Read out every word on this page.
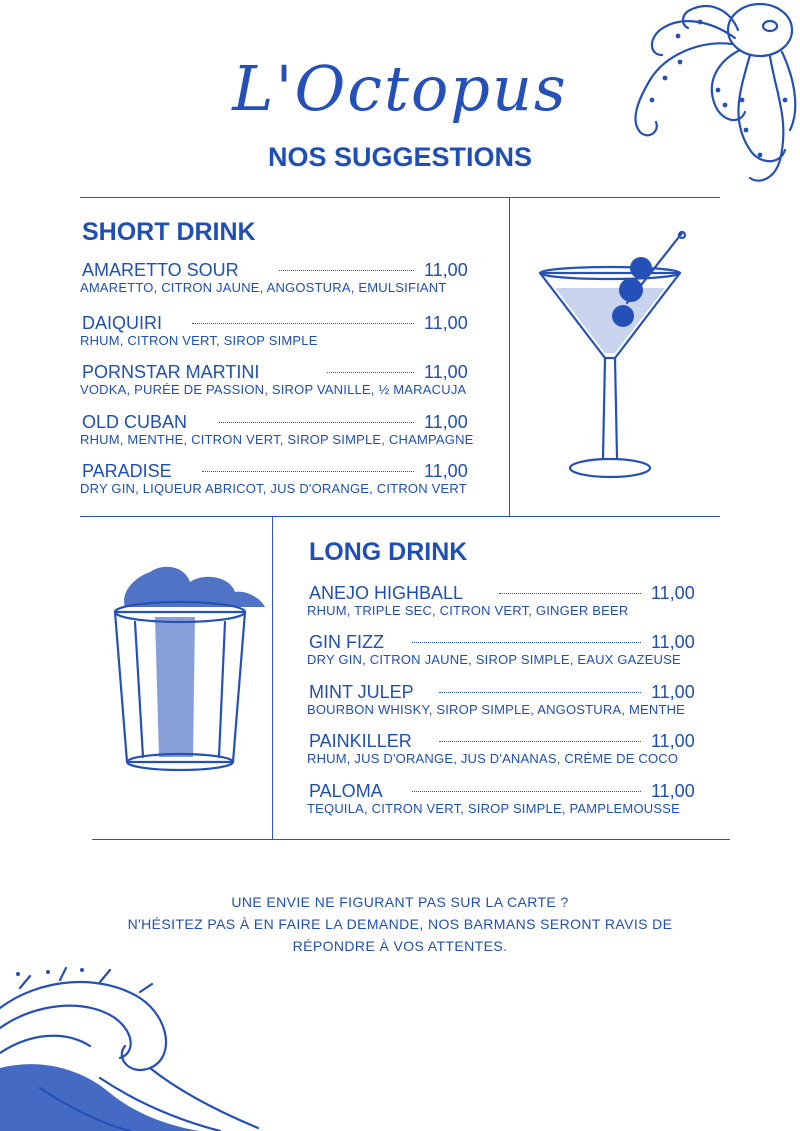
L'Octopus
NOS SUGGESTIONS
SHORT DRINK
AMARETTO SOUR	11,00
AMARETTO, CITRON JAUNE, ANGOSTURA, EMULSIFIANT
DAIQUIRI	11,00
RHUM, CITRON VERT, SIROP SIMPLE
PORNSTAR MARTINI	11,00
VODKA, PURÉE DE PASSION, SIROP VANILLE, ½ MARACUJA
OLD CUBAN	11,00
RHUM, MENTHE, CITRON VERT, SIROP SIMPLE, CHAMPAGNE
PARADISE	11,00
DRY GIN, LIQUEUR ABRICOT, JUS D'ORANGE, CITRON VERT
LONG DRINK
ANEJO HIGHBALL	11,00
RHUM, TRIPLE SEC, CITRON VERT, GINGER BEER
GIN FIZZ	11,00
DRY GIN, CITRON JAUNE, SIROP SIMPLE, EAUX GAZEUSE
MINT JULEP	11,00
BOURBON WHISKY, SIROP SIMPLE, ANGOSTURA, MENTHE
PAINKILLER	11,00
RHUM, JUS D'ORANGE, JUS D'ANANAS, CRÉME DE COCO
PALOMA	11,00
TEQUILA, CITRON VERT, SIROP SIMPLE, PAMPLEMOUSSE
UNE ENVIE NE FIGURANT PAS SUR LA CARTE ?
N'HÉSITEZ PAS À EN FAIRE LA DEMANDE, NOS BARMANS SERONT RAVIS DE
RÉPONDRE À VOS ATTENTES.
